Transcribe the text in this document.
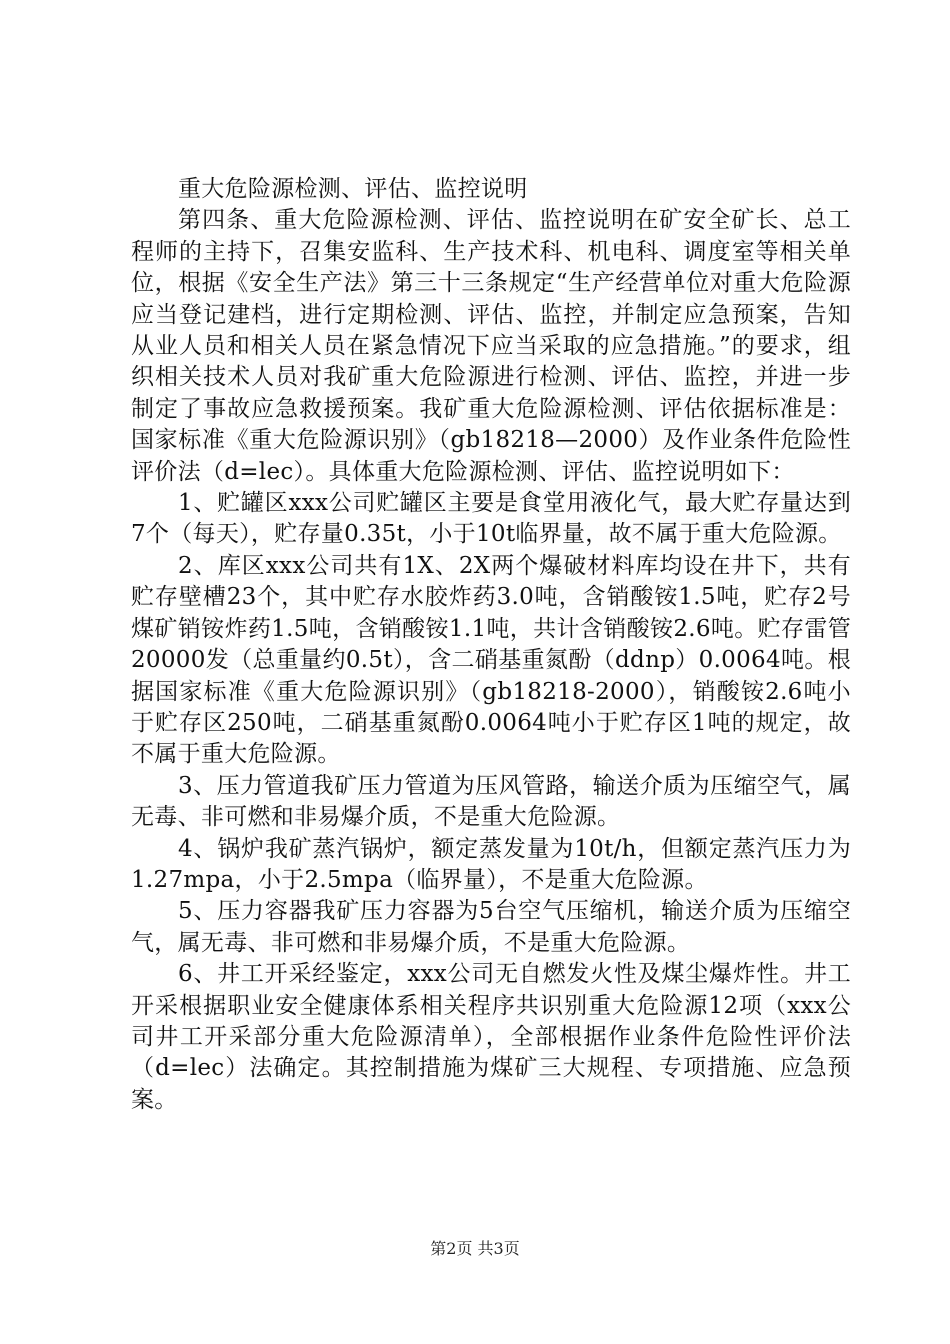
重大危险源检测、评估、监控说明

第四条、重大危险源检测、评估、监控说明在矿安全矿长、总工程师的主持下，召集安监科、生产技术科、机电科、调度室等相关单位，根据《安全生产法》第三十三条规定“生产经营单位对重大危险源应当登记建档，进行定期检测、评估、监控，并制定应急预案，告知从业人员和相关人员在紧急情况下应当采取的应急措施。”的要求，组织相关技术人员对我矿重大危险源进行检测、评估、监控，并进一步制定了事故应急救援预案。我矿重大危险源检测、评估依据标准是：国家标准《重大危险源识别》（gb18218—2000）及作业条件危险性评价法（d=lec）。具体重大危险源检测、评估、监控说明如下：

1、贮罐区xxx公司贮罐区主要是食堂用液化气，最大贮存量达到7个（每天），贮存量0.35t，小于10t临界量，故不属于重大危险源。

2、库区xxx公司共有1X、2X两个爆破材料库均设在井下，共有贮存壁槽23个，其中贮存水胶炸药3.0吨，含销酸铵1.5吨，贮存2号煤矿销铵炸药1.5吨，含销酸铵1.1吨，共计含销酸铵2.6吨。贮存雷管20000发（总重量约0.5t），含二硝基重氮酚（ddnp）0.0064吨。根据国家标准《重大危险源识别》（gb18218-2000），销酸铵2.6吨小于贮存区250吨，二硝基重氮酚0.0064吨小于贮存区1吨的规定，故不属于重大危险源。

3、压力管道我矿压力管道为压风管路，输送介质为压缩空气，属无毒、非可燃和非易爆介质，不是重大危险源。

4、锅炉我矿蒸汽锅炉，额定蒸发量为10t/h，但额定蒸汽压力为1.27mpa，小于2.5mpa（临界量），不是重大危险源。

5、压力容器我矿压力容器为5台空气压缩机，输送介质为压缩空气，属无毒、非可燃和非易爆介质，不是重大危险源。

6、井工开采经鉴定，xxx公司无自燃发火性及煤尘爆炸性。井工开采根据职业安全健康体系相关程序共识别重大危险源12项（xxx公司井工开采部分重大危险源清单），全部根据作业条件危险性评价法（d=lec）法确定。其控制措施为煤矿三大规程、专项措施、应急预案。

第2页 共3页
